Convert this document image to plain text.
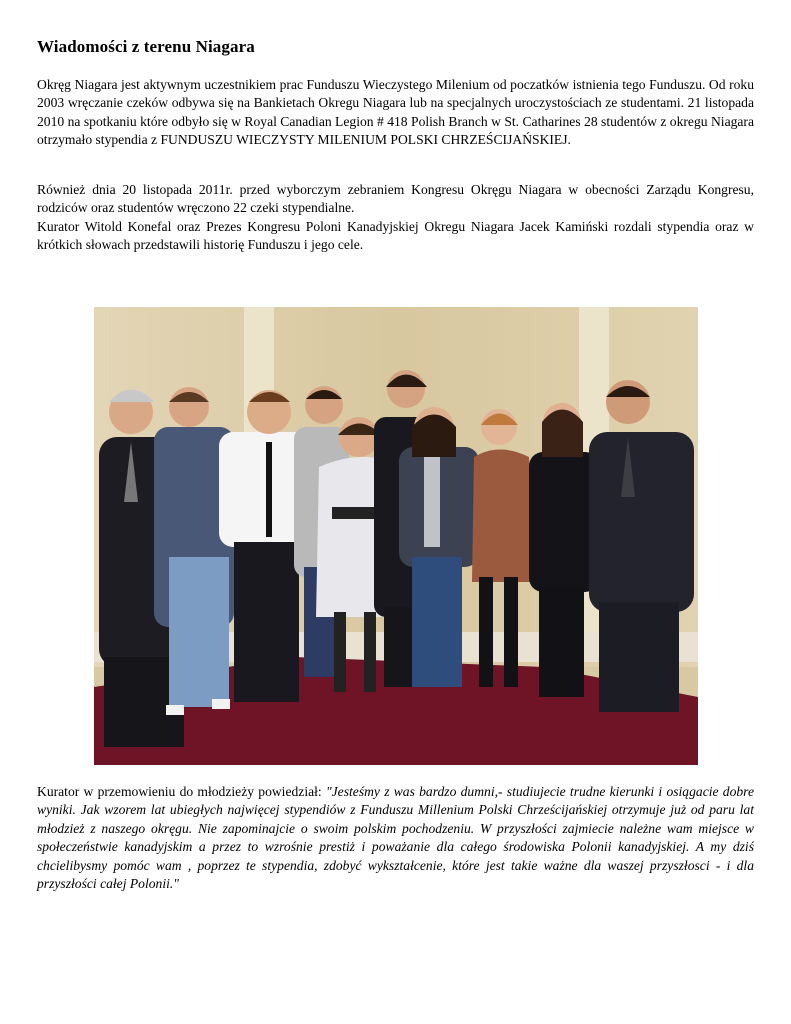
Wiadomości z terenu Niagara

Okręg Niagara jest aktywnym uczestnikiem prac Funduszu Wieczystego Milenium od poczatków istnienia tego Funduszu. Od roku 2003 wręczanie czeków odbywa się na Bankietach Okregu Niagara lub na specjalnych uroczystościach ze studentami. 21 listopada 2010 na spotkaniu które odbyło się w Royal Canadian Legion # 418 Polish Branch w St. Catharines 28 studentów z okregu Niagara otrzymało stypendia z FUNDUSZU WIECZYSTY MILENIUM POLSKI CHRZEŚCIJAŃSKIEJ.

Również dnia 20 listopada 2011r. przed wyborczym zebraniem Kongresu Okręgu Niagara w obecności Zarządu Kongresu, rodziców oraz studentów wręczono 22 czeki stypendialne.

Kurator Witold Konefal oraz Prezes Kongresu Poloni Kanadyjskiej Okregu Niagara Jacek Kamiński rozdali stypendia oraz w krótkich słowach przedstawili historię Funduszu i jego cele.

Kurator w przemowieniu do młodzieży powiedział: "Jesteśmy z was bardzo dumni,- studiujecie trudne kierunki i osiągacie dobre wyniki. Jak wzorem lat ubiegłych najwięcej stypendiów z Funduszu Millenium Polski Chrześcijańskiej otrzymuje już od paru lat młodzież z naszego okręgu. Nie zapominajcie o swoim polskim pochodzeniu. W przyszłości zajmiecie należne wam miejsce w społeczeństwie kanadyjskim a przez to wzrośnie prestiż i poważanie dla całego środowiska Polonii kanadyjskiej. A my dziś chcielibysmy pomóc wam , poprzez te stypendia, zdobyć wykształcenie, które jest takie ważne dla waszej przyszłosci - i dla przyszłości całej Polonii."
